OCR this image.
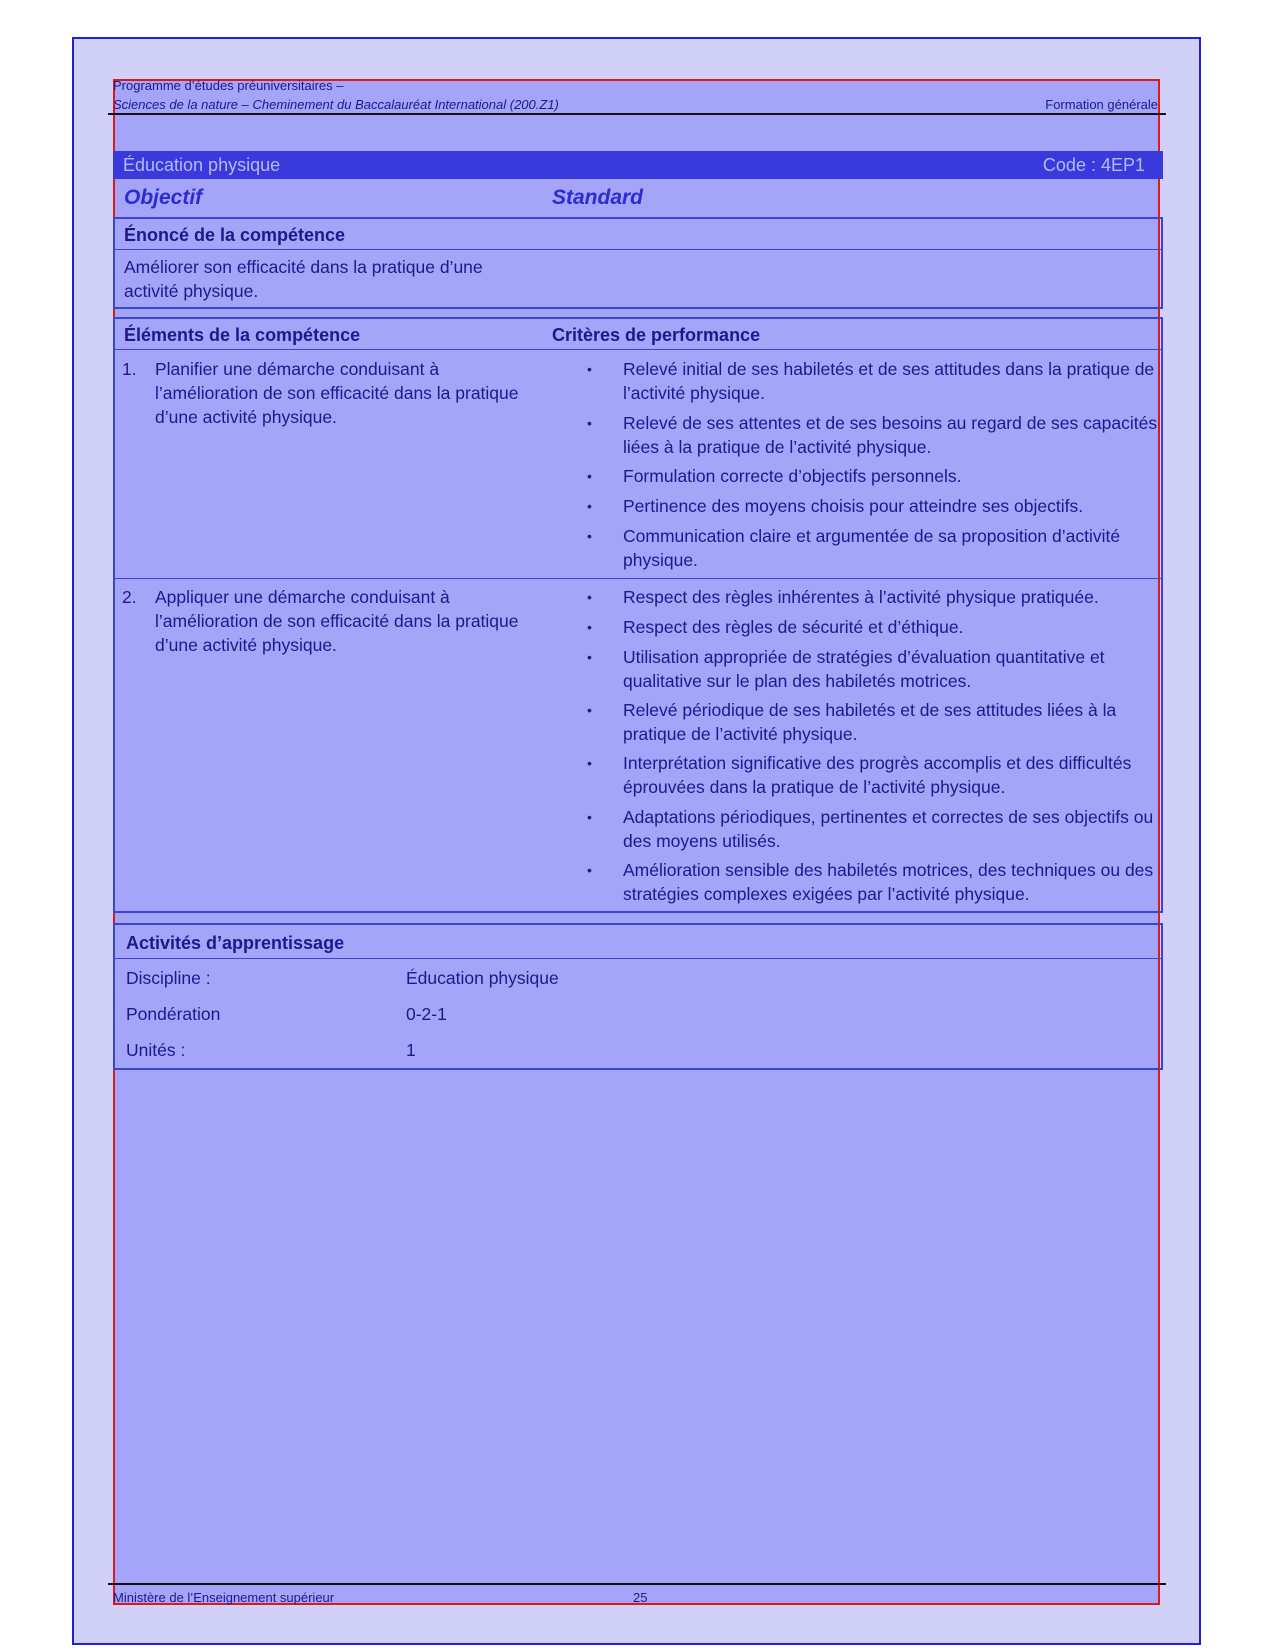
Programme d’études préuniversitaires –
Sciences de la nature – Cheminement du Baccalauréat International (200.Z1)	Formation générale
Éducation physique	Code : 4EP1
Objectif	Standard
Énoncé de la compétence
Améliorer son efficacité dans la pratique d’une activité physique.
Éléments de la compétence	Critères de performance
1. Planifier une démarche conduisant à l’amélioration de son efficacité dans la pratique d’une activité physique.
• Relevé initial de ses habiletés et de ses attitudes dans la pratique de l’activité physique.
• Relevé de ses attentes et de ses besoins au regard de ses capacités liées à la pratique de l’activité physique.
• Formulation correcte d’objectifs personnels.
• Pertinence des moyens choisis pour atteindre ses objectifs.
• Communication claire et argumentée de sa proposition d’activité physique.
2. Appliquer une démarche conduisant à l’amélioration de son efficacité dans la pratique d’une activité physique.
• Respect des règles inhérentes à l’activité physique pratiquée.
• Respect des règles de sécurité et d’éthique.
• Utilisation appropriée de stratégies d’évaluation quantitative et qualitative sur le plan des habiletés motrices.
• Relevé périodique de ses habiletés et de ses attitudes liées à la pratique de l’activité physique.
• Interprétation significative des progrès accomplis et des difficultés éprouvées dans la pratique de l’activité physique.
• Adaptations périodiques, pertinentes et correctes de ses objectifs ou des moyens utilisés.
• Amélioration sensible des habiletés motrices, des techniques ou des stratégies complexes exigées par l’activité physique.
Activités d’apprentissage
Discipline :	Éducation physique
Pondération	0-2-1
Unités :	1
Ministère de l’Enseignement supérieur	25
